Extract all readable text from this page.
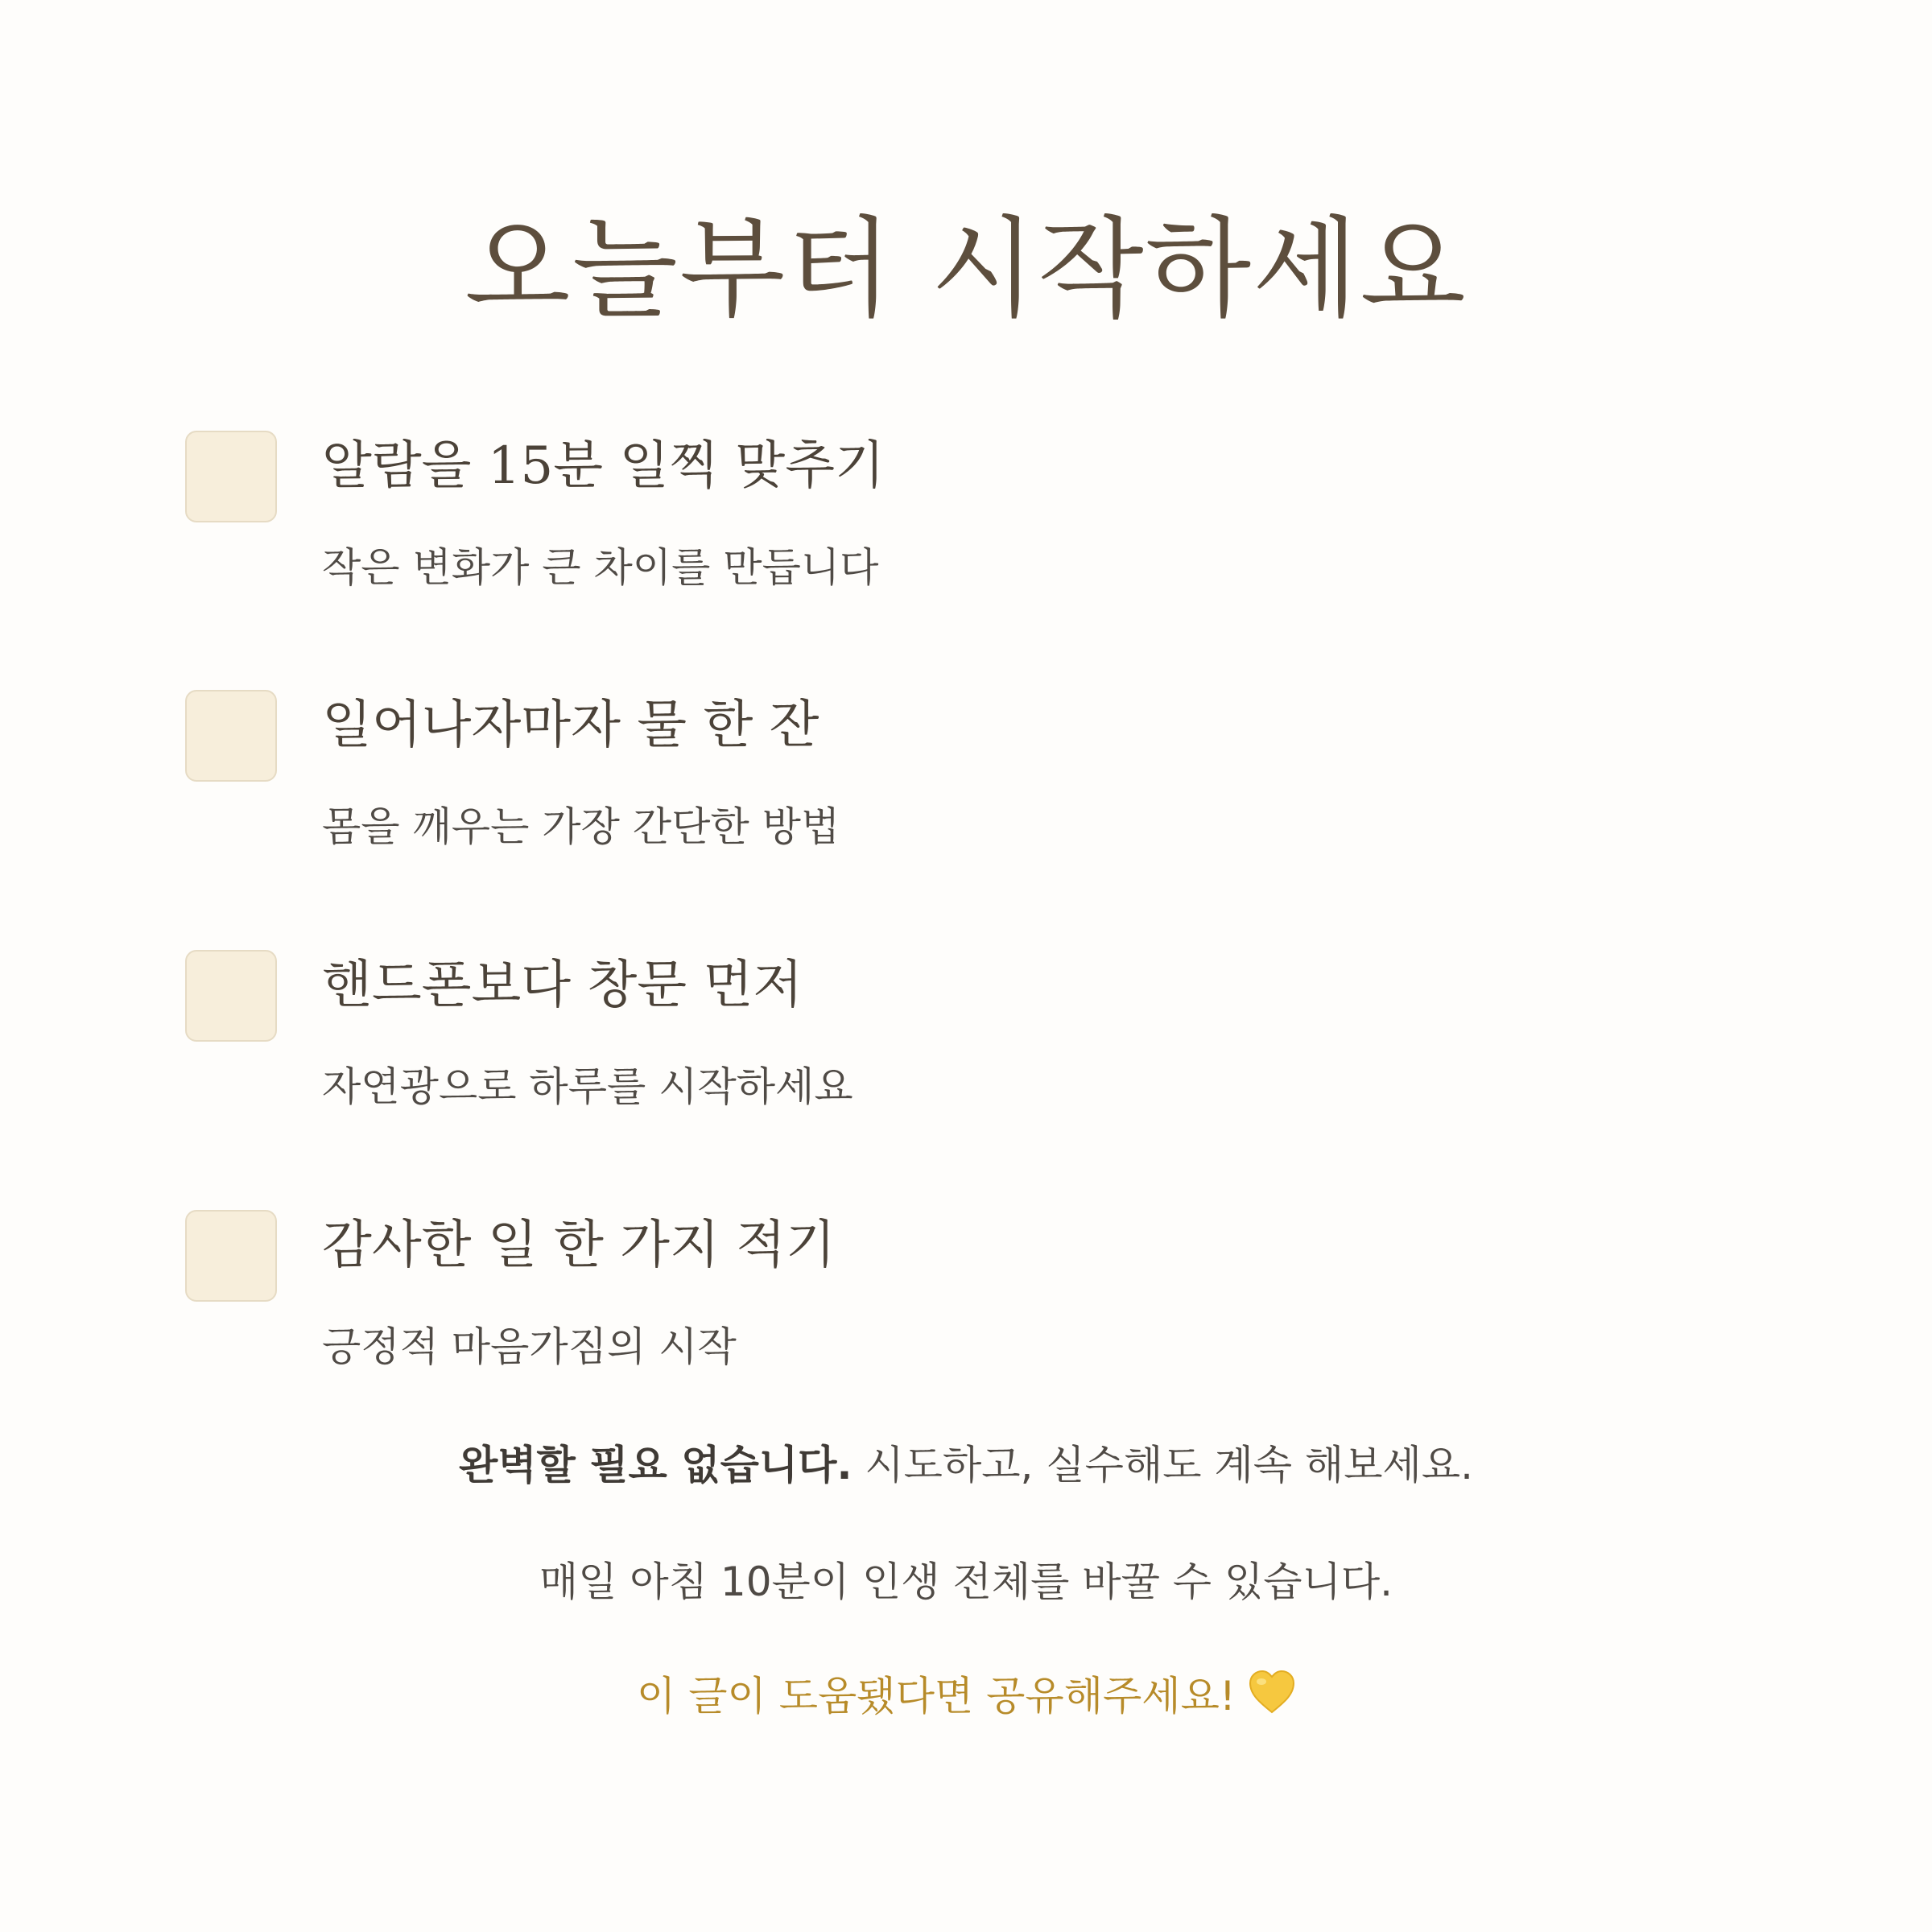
오늘부터 시작하세요
알람을 15분 일찍 맞추기
작은 변화가 큰 차이를 만듭니다
일어나자마자 물 한 잔
몸을 깨우는 가장 간단한 방법
핸드폰보다 창문 먼저
자연광으로 하루를 시작하세요
감사한 일 한 가지 적기
긍정적 마음가짐의 시작
완벽할 필요 없습니다. 시도하고, 실수해도 계속 해보세요.
매일 아침 10분이 인생 전체를 바꿀 수 있습니다.
이 글이 도움됐다면 공유해주세요!
